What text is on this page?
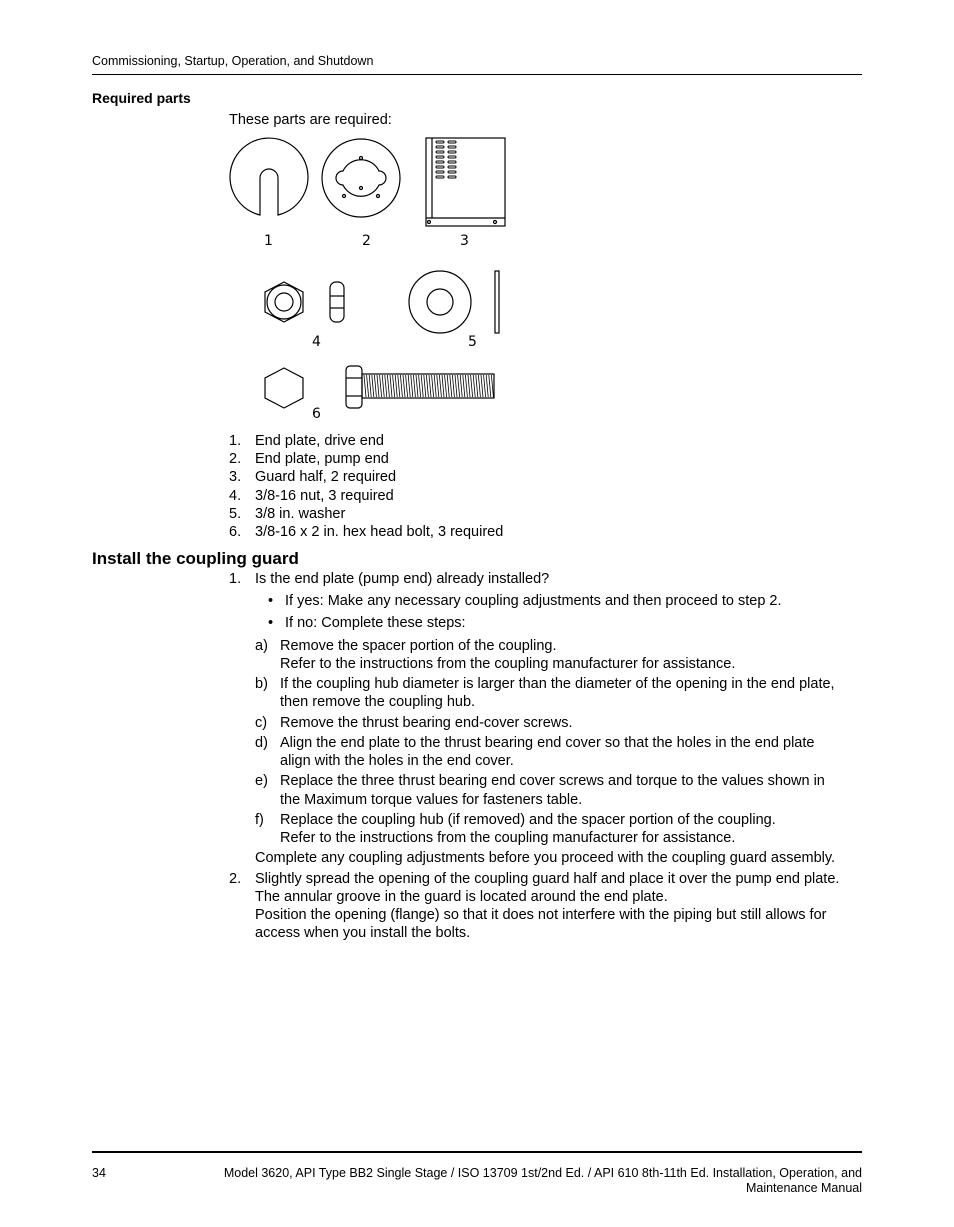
Commissioning, Startup, Operation, and Shutdown
Required parts
These parts are required:
1	2	3
4	5
6
1. End plate, drive end
2. End plate, pump end
3. Guard half, 2 required
4. 3/8-16 nut, 3 required
5. 3/8 in. washer
6. 3/8-16 x 2 in. hex head bolt, 3 required
Install the coupling guard
1. Is the end plate (pump end) already installed?
• If yes: Make any necessary coupling adjustments and then proceed to step 2.
• If no: Complete these steps:
a) Remove the spacer portion of the coupling.
Refer to the instructions from the coupling manufacturer for assistance.
b) If the coupling hub diameter is larger than the diameter of the opening in the end plate,
then remove the coupling hub.
c) Remove the thrust bearing end-cover screws.
d) Align the end plate to the thrust bearing end cover so that the holes in the end plate
align with the holes in the end cover.
e) Replace the three thrust bearing end cover screws and torque to the values shown in
the Maximum torque values for fasteners table.
f) Replace the coupling hub (if removed) and the spacer portion of the coupling.
Refer to the instructions from the coupling manufacturer for assistance.
Complete any coupling adjustments before you proceed with the coupling guard assembly.
2. Slightly spread the opening of the coupling guard half and place it over the pump end plate.
The annular groove in the guard is located around the end plate.
Position the opening (flange) so that it does not interfere with the piping but still allows for
access when you install the bolts.
34	Model 3620, API Type BB2 Single Stage / ISO 13709 1st/2nd Ed. / API 610 8th-11th Ed. Installation, Operation, and
Maintenance Manual
